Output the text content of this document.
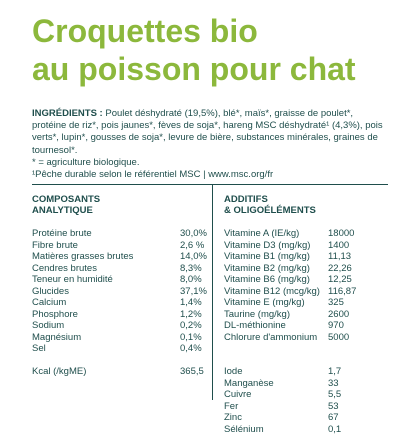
Croquettes bio
au poisson pour chat

INGRÉDIENTS : Poulet déshydraté (19,5%), blé*, maïs*, graisse de poulet*, protéine de riz*, pois jaunes*, fèves de soja*, hareng MSC déshydraté¹ (4,3%), pois verts*, lupin*, gousses de soja*, levure de bière, substances minérales, graines de tournesol*.

* = agriculture biologique.

¹Pêche durable selon le référentiel MSC | www.msc.org/fr

COMPOSANTS
ANALYTIQUE
ADDITIFS
& OLIGOÉLÉMENTS
Protéine brute	30,0%
Fibre brute	2,6 %
Matières grasses brutes	14,0%
Cendres brutes	8,3%
Teneur en humidité	8,0%
Glucides	37,1%
Calcium	1,4%
Phosphore	1,2%
Sodium	0,2%
Magnésium	0,1%
Sel	0,4%
Kcal (/kgME)	365,5
Vitamine A (IE/kg)	18000
Vitamine D3 (mg/kg)	1400
Vitamine B1 (mg/kg)	11,13
Vitamine B2 (mg/kg)	22,26
Vitamine B6 (mg/kg)	12,25
Vitamine B12 (mcg/kg) 116,87
Vitamine E (mg/kg)	325
Taurine (mg/kg)	2600
DL-méthionine	970
Chlorure d'ammonium	5000
Iode	1,7
Manganèse	33
Cuivre	5,5
Fer	53
Zinc	67
Sélénium	0,1
